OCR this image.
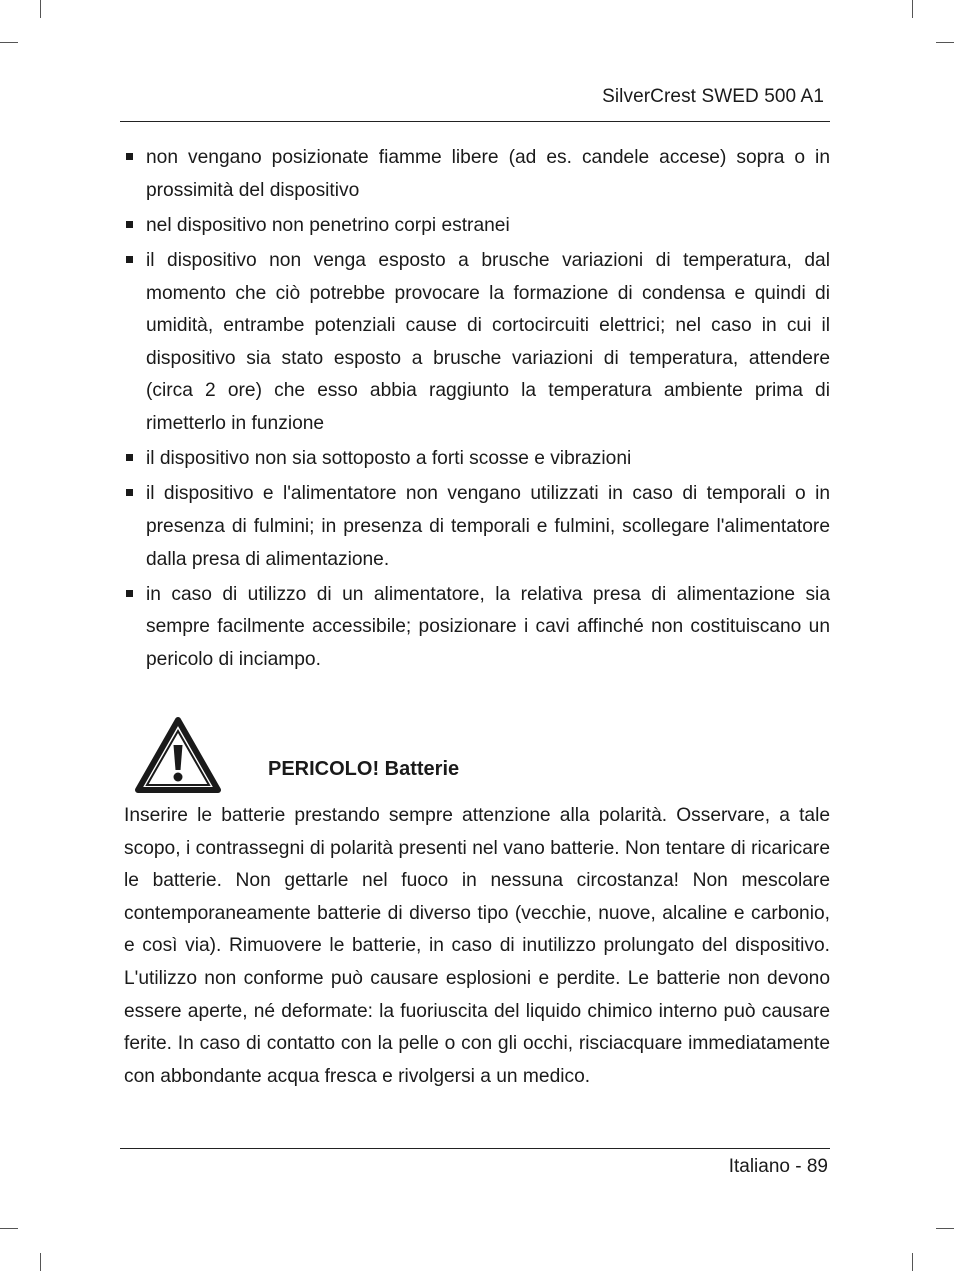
SilverCrest SWED 500 A1
non vengano posizionate fiamme libere (ad es. candele accese) sopra o in prossimità del dispositivo
nel dispositivo non penetrino corpi estranei
il dispositivo non venga esposto a brusche variazioni di temperatura, dal momento che ciò potrebbe provocare la formazione di condensa e quindi di umidità, entrambe potenziali cause di cortocircuiti elettrici; nel caso in cui il dispositivo sia stato esposto a brusche variazioni di temperatura, attendere (circa 2 ore) che esso abbia raggiunto la temperatura ambiente prima di rimetterlo in funzione
il dispositivo non sia sottoposto a forti scosse e vibrazioni
il dispositivo e l'alimentatore non vengano utilizzati in caso di temporali o in presenza di fulmini; in presenza di temporali e fulmini, scollegare l'alimentatore dalla presa di alimentazione.
in caso di utilizzo di un alimentatore, la relativa presa di alimentazione sia sempre facilmente accessibile; posizionare i cavi affinché non costituiscano un pericolo di inciampo.
PERICOLO! Batterie

Inserire le batterie prestando sempre attenzione alla polarità. Osservare, a tale scopo, i contrassegni di polarità presenti nel vano batterie. Non tentare di ricaricare le batterie. Non gettarle nel fuoco in nessuna circostanza! Non mescolare contemporaneamente batterie di diverso tipo (vecchie, nuove, alcaline e carbonio, e così via). Rimuovere le batterie, in caso di inutilizzo prolungato del dispositivo. L'utilizzo non conforme può causare esplosioni e perdite. Le batterie non devono essere aperte, né deformate: la fuoriuscita del liquido chimico interno può causare ferite. In caso di contatto con la pelle o con gli occhi, risciacquare immediatamente con abbondante acqua fresca e rivolgersi a un medico.

Italiano - 89
